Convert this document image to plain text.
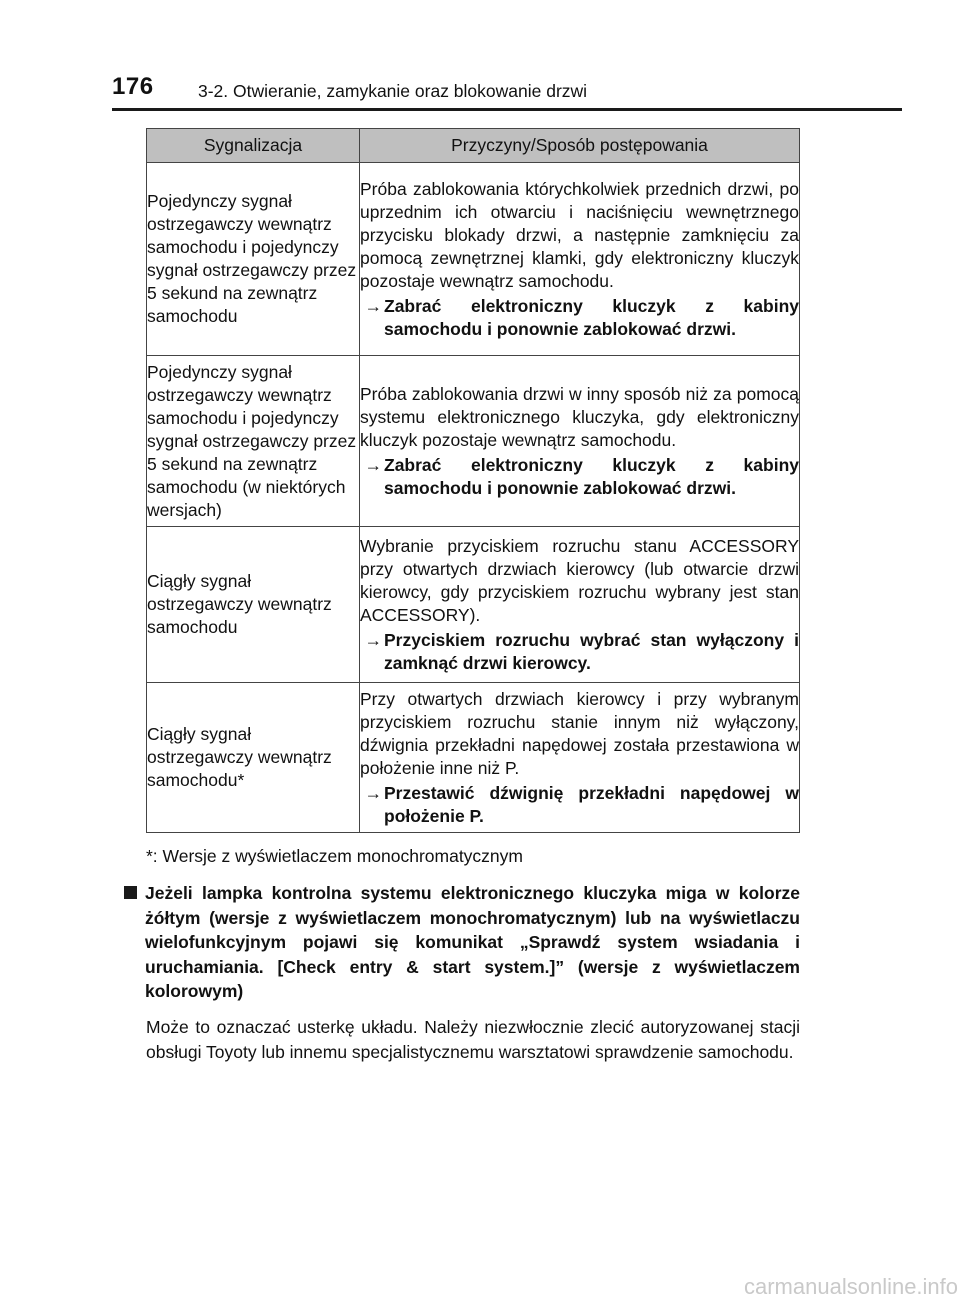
176	3-2. Otwieranie, zamykanie oraz blokowanie drzwi
Sygnalizacja	Przyczyny/Sposób postępowania
Pojedynczy sygnał ostrzegawczy wewnątrz samochodu i pojedynczy sygnał ostrzegawczy przez 5 sekund na zewnątrz samochodu	Próba zablokowania którychkolwiek przednich drzwi, po uprzednim ich otwarciu i naciśnięciu wewnętrznego przycisku blokady drzwi, a następnie zamknięciu za pomocą zewnętrznej klamki, gdy elektroniczny kluczyk pozostaje wewnątrz samochodu.
→ Zabrać elektroniczny kluczyk z kabiny samochodu i ponownie zablokować drzwi.

Pojedynczy sygnał ostrzegawczy wewnątrz samochodu i pojedynczy sygnał ostrzegawczy przez 5 sekund na zewnątrz samochodu (w niektórych wersjach)	Próba zablokowania drzwi w inny sposób niż za pomocą systemu elektronicznego kluczyka, gdy elektroniczny kluczyk pozostaje wewnątrz samochodu.
→ Zabrać elektroniczny kluczyk z kabiny samochodu i ponownie zablokować drzwi.

Ciągły sygnał ostrzegawczy wewnątrz samochodu	Wybranie przyciskiem rozruchu stanu ACCESSORY przy otwartych drzwiach kierowcy (lub otwarcie drzwi kierowcy, gdy przyciskiem rozruchu wybrany jest stan ACCESSORY).
→ Przyciskiem rozruchu wybrać stan wyłączony i zamknąć drzwi kierowcy.

Ciągły sygnał ostrzegawczy wewnątrz samochodu*	Przy otwartych drzwiach kierowcy i przy wybranym przyciskiem rozruchu stanie innym niż wyłączony, dźwignia przekładni napędowej została przestawiona w położenie inne niż P.
→ Przestawić dźwignię przekładni napędowej w położenie P.
*: Wersje z wyświetlaczem monochromatycznym
Jeżeli lampka kontrolna systemu elektronicznego kluczyka miga w kolorze żółtym (wersje z wyświetlaczem monochromatycznym) lub na wyświetlaczu wielofunkcyjnym pojawi się komunikat „Sprawdź system wsiadania i uruchamiania. [Check entry & start system.]” (wersje z wyświetlaczem kolorowym)
Może to oznaczać usterkę układu. Należy niezwłocznie zlecić autoryzowanej stacji obsługi Toyoty lub innemu specjalistycznemu warsztatowi sprawdzenie samochodu.
carmanualsonline.info
